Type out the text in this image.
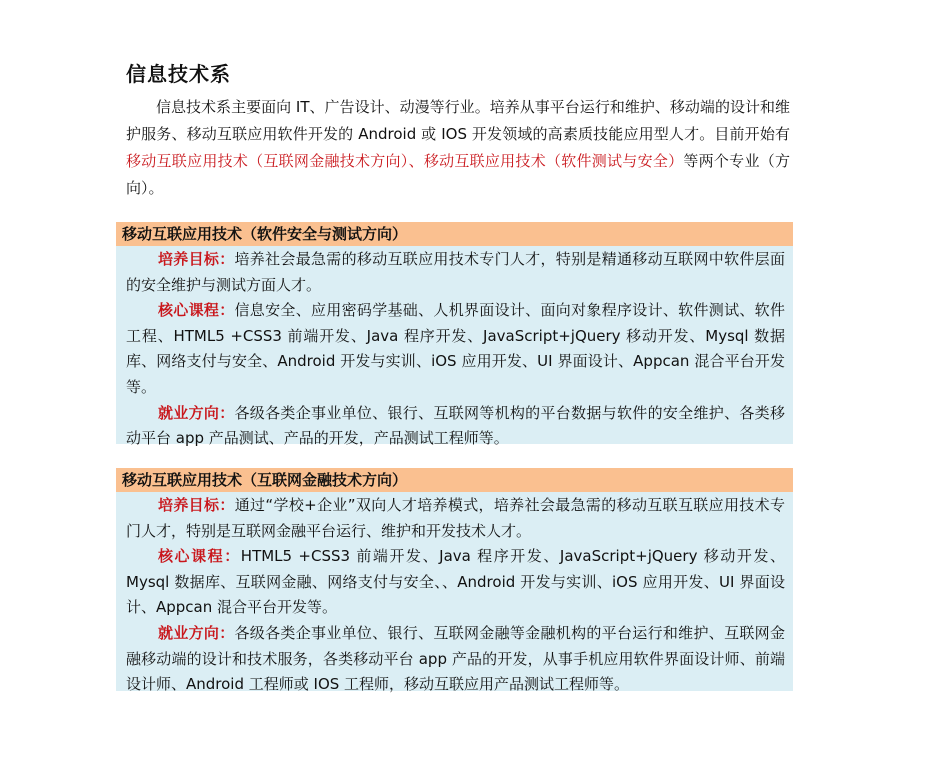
信息技术系
信息技术系主要面向 IT、广告设计、动漫等行业。培养从事平台运行和维护、移动端的设计和维护服务、移动互联应用软件开发的 Android 或 IOS 开发领域的高素质技能应用型人才。目前开始有移动互联应用技术（互联网金融技术方向）、移动互联应用技术（软件测试与安全）等两个专业（方向）。
移动互联应用技术（软件安全与测试方向）
培养目标：培养社会最急需的移动互联应用技术专门人才，特别是精通移动互联网中软件层面的安全维护与测试方面人才。
核心课程：信息安全、应用密码学基础、人机界面设计、面向对象程序设计、软件测试、软件工程、HTML5 +CSS3 前端开发、Java 程序开发、JavaScript+jQuery 移动开发、Mysql 数据库、网络支付与安全、Android 开发与实训、iOS 应用开发、UI 界面设计、Appcan 混合平台开发等。
就业方向：各级各类企事业单位、银行、互联网等机构的平台数据与软件的安全维护、各类移动平台 app 产品测试、产品的开发，产品测试工程师等。
移动互联应用技术（互联网金融技术方向）
培养目标：通过“学校+企业”双向人才培养模式，培养社会最急需的移动互联互联应用技术专门人才，特别是互联网金融平台运行、维护和开发技术人才。
核心课程：HTML5 +CSS3 前端开发、Java 程序开发、JavaScript+jQuery 移动开发、Mysql 数据库、互联网金融、网络支付与安全、、Android 开发与实训、iOS 应用开发、UI 界面设计、Appcan 混合平台开发等。
就业方向：各级各类企事业单位、银行、互联网金融等金融机构的平台运行和维护、互联网金融移动端的设计和技术服务，各类移动平台 app 产品的开发，从事手机应用软件界面设计师、前端设计师、Android 工程师或 IOS 工程师，移动互联应用产品测试工程师等。
